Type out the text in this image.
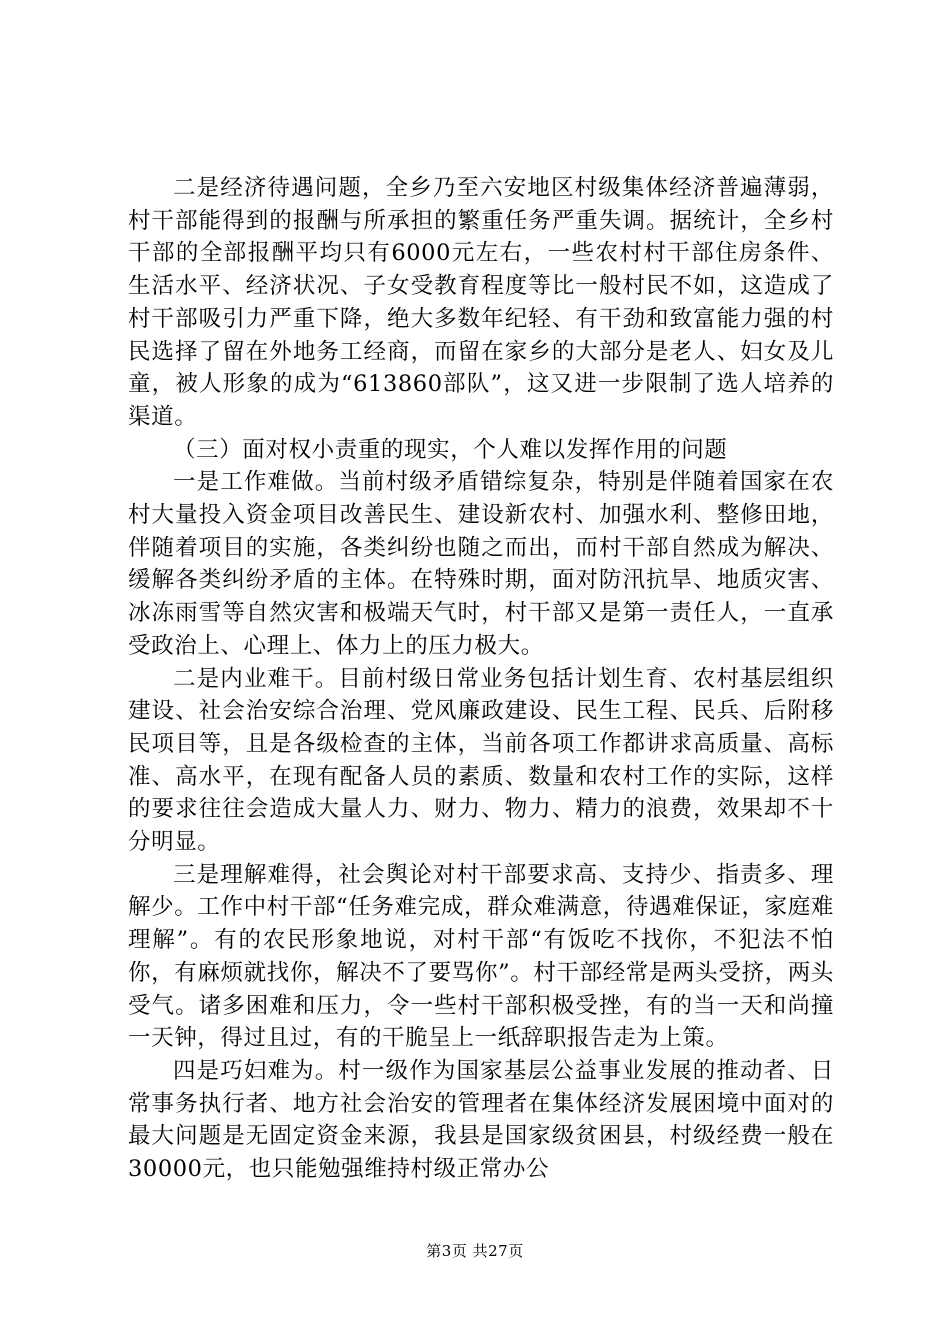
二是经济待遇问题，全乡乃至六安地区村级集体经济普遍薄弱，村干部能得到的报酬与所承担的繁重任务严重失调。据统计，全乡村干部的全部报酬平均只有6000元左右，一些农村村干部住房条件、生活水平、经济状况、子女受教育程度等比一般村民不如，这造成了村干部吸引力严重下降，绝大多数年纪轻、有干劲和致富能力强的村民选择了留在外地务工经商，而留在家乡的大部分是老人、妇女及儿童，被人形象的成为“613860部队”，这又进一步限制了选人培养的渠道。

（三）面对权小责重的现实，个人难以发挥作用的问题

一是工作难做。当前村级矛盾错综复杂，特别是伴随着国家在农村大量投入资金项目改善民生、建设新农村、加强水利、整修田地，伴随着项目的实施，各类纠纷也随之而出，而村干部自然成为解决、缓解各类纠纷矛盾的主体。在特殊时期，面对防汛抗旱、地质灾害、冰冻雨雪等自然灾害和极端天气时，村干部又是第一责任人，一直承受政治上、心理上、体力上的压力极大。

二是内业难干。目前村级日常业务包括计划生育、农村基层组织建设、社会治安综合治理、党风廉政建设、民生工程、民兵、后附移民项目等，且是各级检查的主体，当前各项工作都讲求高质量、高标准、高水平，在现有配备人员的素质、数量和农村工作的实际，这样的要求往往会造成大量人力、财力、物力、精力的浪费，效果却不十分明显。

三是理解难得，社会舆论对村干部要求高、支持少、指责多、理解少。工作中村干部“任务难完成，群众难满意，待遇难保证，家庭难理解”。有的农民形象地说，对村干部“有饭吃不找你，不犯法不怕你，有麻烦就找你，解决不了要骂你”。村干部经常是两头受挤，两头受气。诸多困难和压力，令一些村干部积极受挫，有的当一天和尚撞一天钟，得过且过，有的干脆呈上一纸辞职报告走为上策。

四是巧妇难为。村一级作为国家基层公益事业发展的推动者、日常事务执行者、地方社会治安的管理者在集体经济发展困境中面对的最大问题是无固定资金来源，我县是国家级贫困县，村级经费一般在30000元，也只能勉强维持村级正常办公

第3页 共27页
